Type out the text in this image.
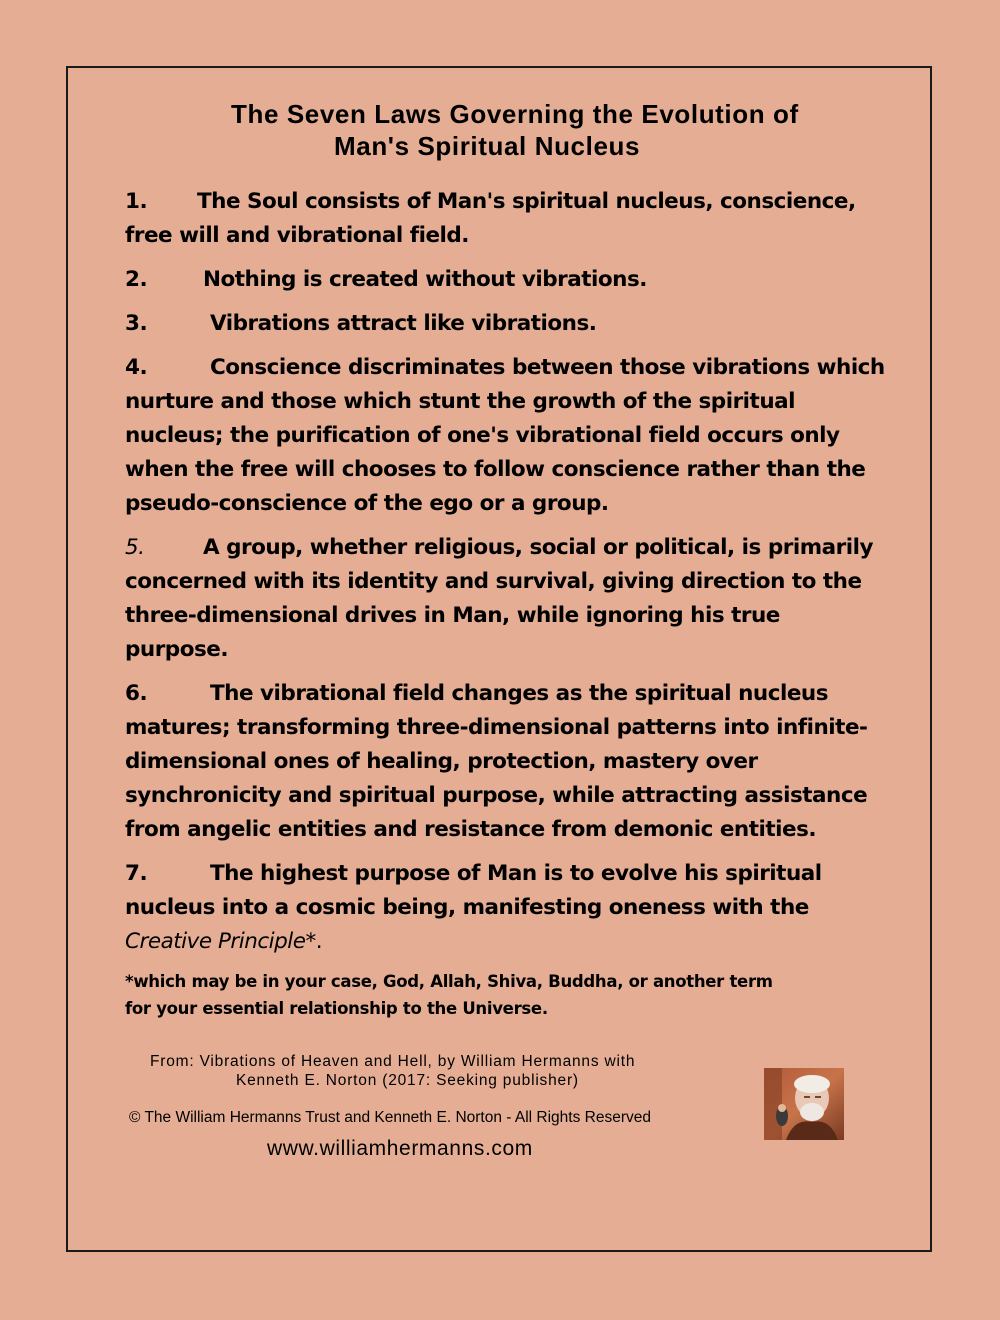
The Seven Laws Governing the Evolution of
Man's Spiritual Nucleus
1. The Soul consists of Man's spiritual nucleus, conscience, free will and vibrational field.
2.	Nothing is created without vibrations.
3.	Vibrations attract like vibrations.
4.	Conscience discriminates between those vibrations which nurture and those which stunt the growth of the spiritual nucleus; the purification of one's vibrational field occurs only when the free will chooses to follow conscience rather than the pseudo-conscience of the ego or a group.
5.	A group, whether religious, social or political, is primarily concerned with its identity and survival, giving direction to the three-dimensional drives in Man, while ignoring his true purpose.
6.	The vibrational field changes as the spiritual nucleus matures; transforming three-dimensional patterns into infinite-dimensional ones of healing, protection, mastery over synchronicity and spiritual purpose, while attracting assistance from angelic entities and resistance from demonic entities.
7.	The highest purpose of Man is to evolve his spiritual nucleus into a cosmic being, manifesting oneness with the Creative Principle*.
*which may be in your case, God, Allah, Shiva, Buddha, or another term
for your essential relationship to the Universe.
From: Vibrations of Heaven and Hell, by William Hermanns with
Kenneth E. Norton (2017: Seeking publisher)
© The William Hermanns Trust and Kenneth E. Norton - All Rights Reserved
www.williamhermanns.com
